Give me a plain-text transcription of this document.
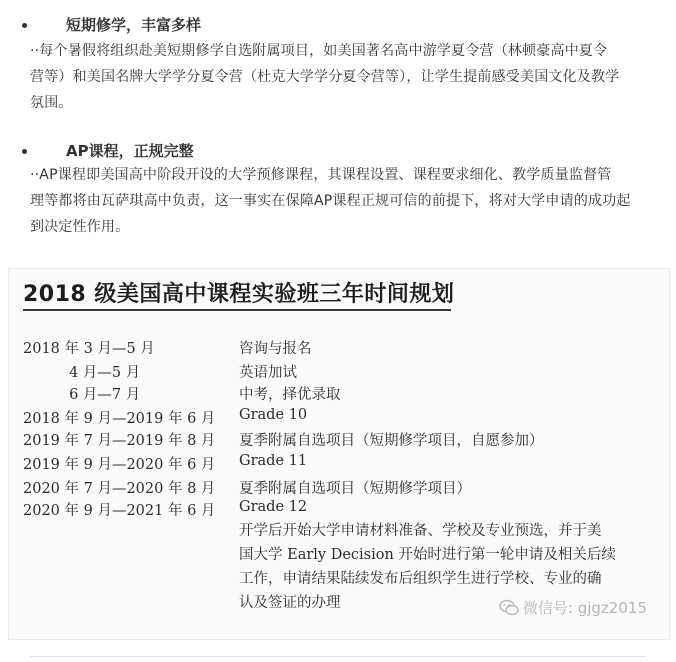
短期修学，丰富多样
··每个暑假将组织赴美短期修学自选附属项目，如美国著名高中游学夏令营（林顿豪高中夏令
营等）和美国名牌大学学分夏令营（杜克大学学分夏令营等），让学生提前感受美国文化及教学
氛围。
AP课程，正规完整
··AP课程即美国高中阶段开设的大学预修课程，其课程设置、课程要求细化、教学质量监督管
理等都将由瓦萨琪高中负责，这一事实在保障AP课程正规可信的前提下，将对大学申请的成功起
到决定性作用。
2018 级美国高中课程实验班三年时间规划
2018 年 3 月—5 月	咨询与报名
4 月—5 月	英语加试
6 月—7 月	中考，择优录取
2018 年 9 月—2019 年 6 月 Grade 10
2019 年 7 月—2019 年 8 月 夏季附属自选项目（短期修学项目，自愿参加）
2019 年 9 月—2020 年 6 月 Grade 11
2020 年 7 月—2020 年 8 月 夏季附属自选项目（短期修学项目）
2020 年 9 月—2021 年 6 月 Grade 12
开学后开始大学申请材料准备、学校及专业预选，并于美
国大学 Early Decision 开始时进行第一轮申请及相关后续
工作，申请结果陆续发布后组织学生进行学校、专业的确
认及签证的办理	微信号: gjgz2015
